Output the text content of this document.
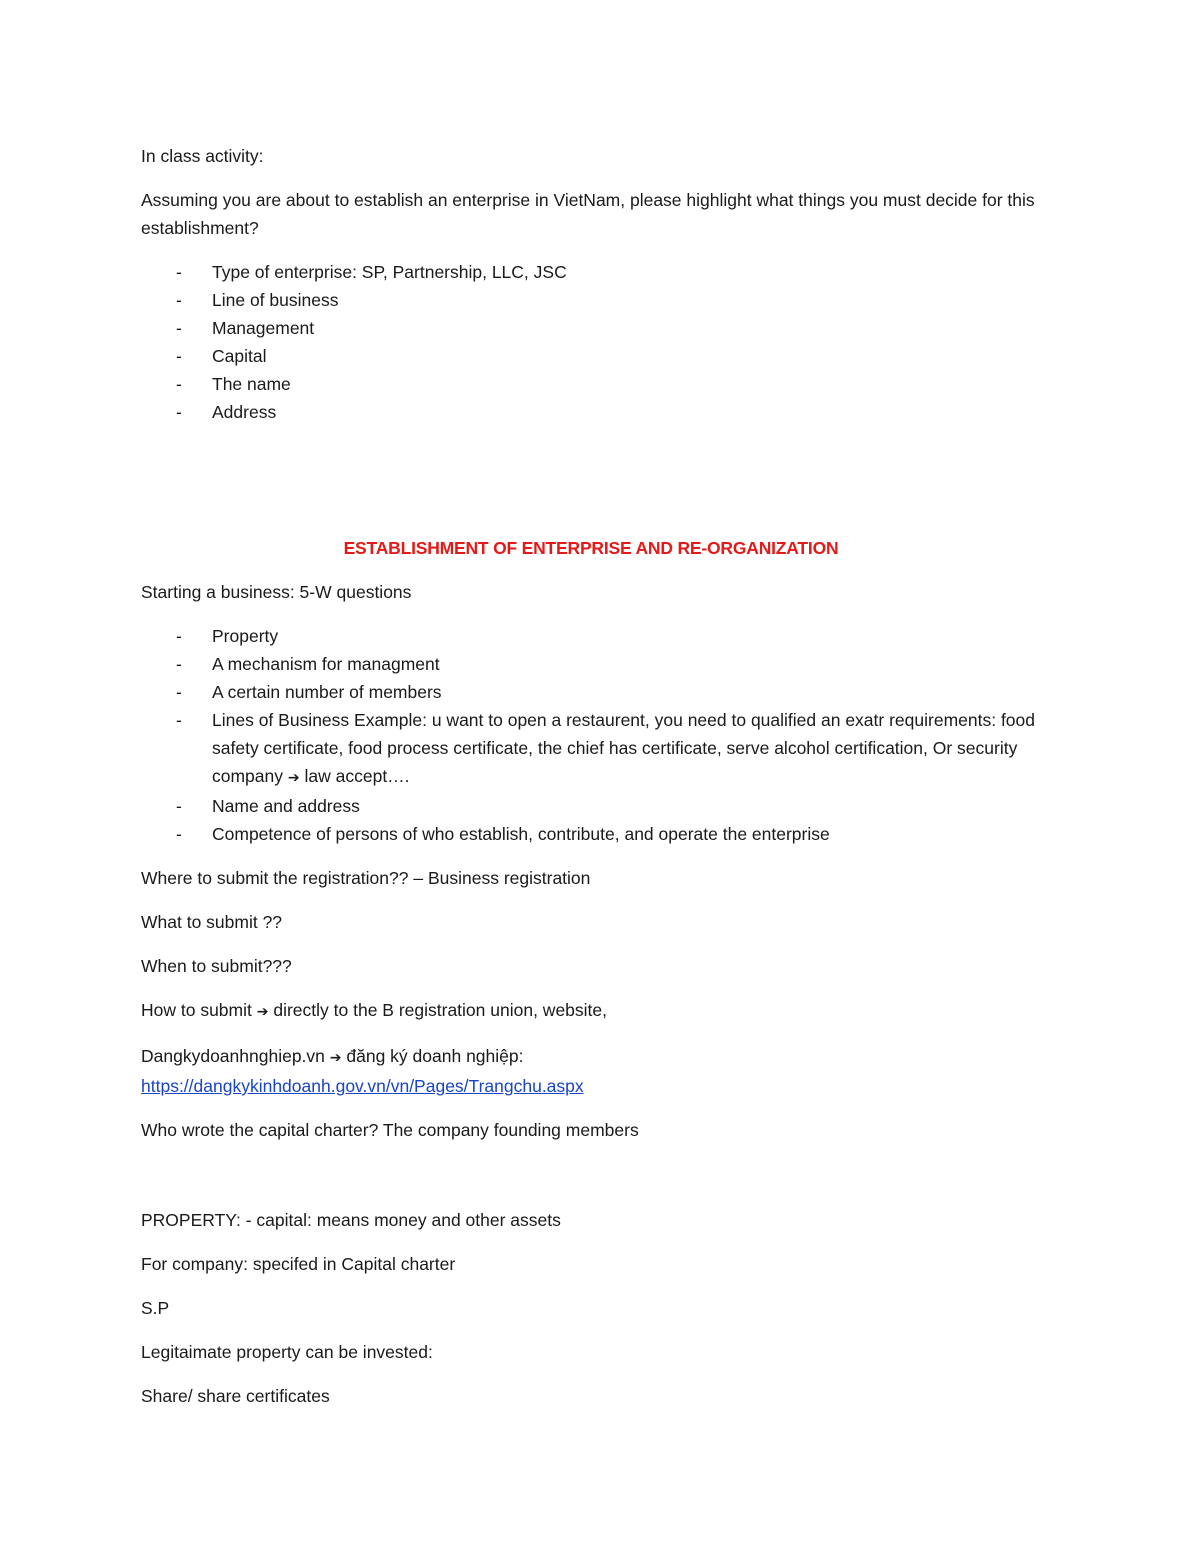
In class activity:

Assuming you are about to establish an enterprise in VietNam, please highlight what things you must decide for this establishment?

- Type of enterprise: SP, Partnership, LLC, JSC
- Line of business
- Management
- Capital
- The name
- Address

ESTABLISHMENT OF ENTERPRISE AND RE-ORGANIZATION

Starting a business: 5-W questions

- Property
- A mechanism for managment
- A certain number of members
- Lines of Business Example: u want to open a restaurent, you need to qualified an exatr requirements: food safety certificate, food process certificate, the chief has certificate, serve alcohol certification, Or security company ➔ law accept….
- Name and address
- Competence of persons of who establish, contribute, and operate the enterprise

Where to submit the registration?? – Business registration

What to submit ??

When to submit???

How to submit ➔ directly to the B registration union, website,

Dangkydoanhnghiep.vn ➔ đăng ký doanh nghiệp:
https://dangkykinhdoanh.gov.vn/vn/Pages/Trangchu.aspx

Who wrote the capital charter? The company founding members

PROPERTY: - capital: means money and other assets

For company: specifed in Capital charter

S.P

Legitaimate property can be invested:

Share/ share certificates
